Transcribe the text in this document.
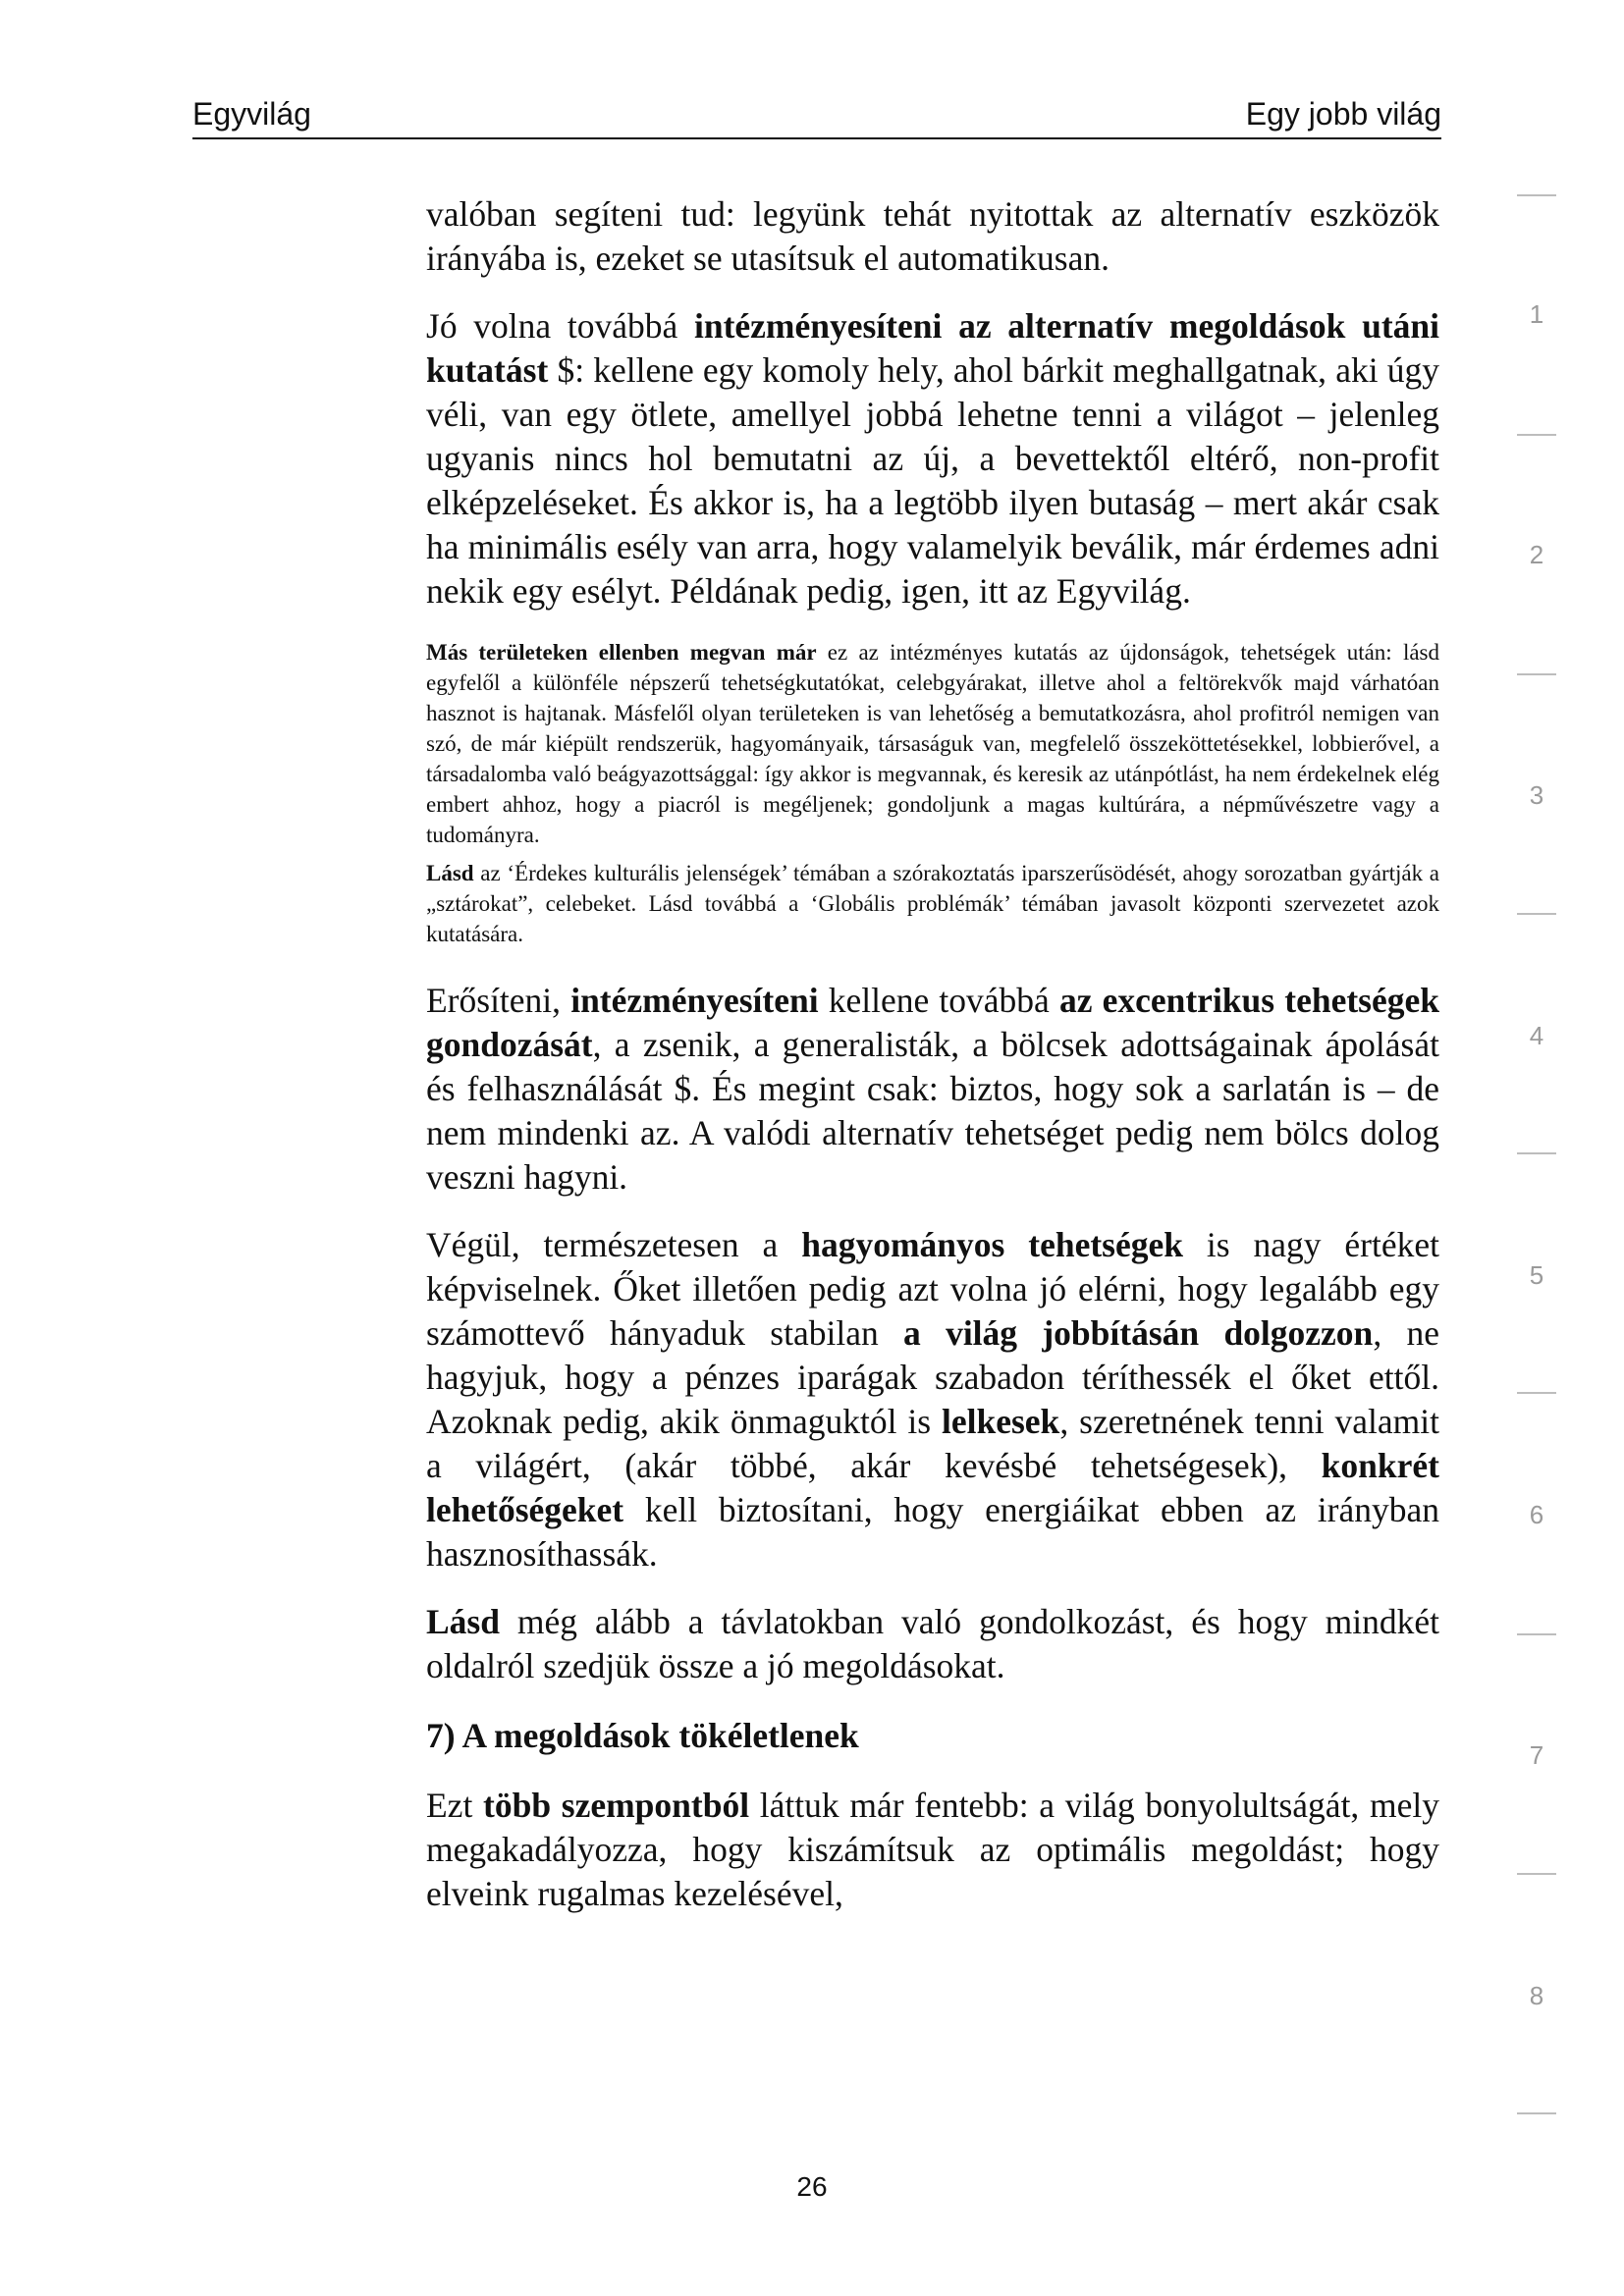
Egyvilág	Egy jobb világ

valóban segíteni tud: legyünk tehát nyitottak az alternatív eszközök irányába is, ezeket se utasítsuk el automatikusan.

Jó volna továbbá intézményesíteni az alternatív megoldások utáni kutatást $: kellene egy komoly hely, ahol bárkit meghallgatnak, aki úgy véli, van egy ötlete, amellyel jobbá lehetne tenni a világot – jelenleg ugyanis nincs hol bemutatni az új, a bevettektől eltérő, non-profit elképzeléseket. És akkor is, ha a legtöbb ilyen butaság – mert akár csak ha minimális esély van arra, hogy valamelyik beválik, már érdemes adni nekik egy esélyt. Példának pedig, igen, itt az Egyvilág.

Más területeken ellenben megvan már ez az intézményes kutatás az újdonságok, tehetségek után: lásd egyfelől a különféle népszerű tehetségkutatókat, celebgyárakat, illetve ahol a feltörekvők majd várhatóan hasznot is hajtanak. Másfelől olyan területeken is van lehetőség a bemutatkozásra, ahol profitról nemigen van szó, de már kiépült rendszerük, hagyományaik, társaságuk van, megfelelő összeköttetésekkel, lobbierővel, a társadalomba való beágyazottsággal: így akkor is megvannak, és keresik az utánpótlást, ha nem érdekelnek elég embert ahhoz, hogy a piacról is megéljenek; gondoljunk a magas kultúrára, a népművészetre vagy a tudományra.

Lásd az ‘Érdekes kulturális jelenségek’ témában a szórakoztatás iparszerűsödését, ahogy sorozatban gyártják a „sztárokat”, celebeket. Lásd továbbá a ‘Globális problémák’ témában javasolt központi szervezetet azok kutatására.

Erősíteni, intézményesíteni kellene továbbá az excentrikus tehetségek gondozását, a zsenik, a generalisták, a bölcsek adottságainak ápolását és felhasználását $. És megint csak: biztos, hogy sok a sarlatán is – de nem mindenki az. A valódi alternatív tehetséget pedig nem bölcs dolog veszni hagyni.

Végül, természetesen a hagyományos tehetségek is nagy értéket képviselnek. Őket illetően pedig azt volna jó elérni, hogy legalább egy számottevő hányaduk stabilan a világ jobbításán dolgozzon, ne hagyjuk, hogy a pénzes iparágak szabadon téríthessék el őket ettől. Azoknak pedig, akik önmaguktól is lelkesek, szeretnének tenni valamit a világért, (akár többé, akár kevésbé tehetségesek), konkrét lehetőségeket kell biztosítani, hogy energiáikat ebben az irányban hasznosíthassák.

Lásd még alább a távlatokban való gondolkozást, és hogy mindkét oldalról szedjük össze a jó megoldásokat.

7) A megoldások tökéletlenek

Ezt több szempontból láttuk már fentebb: a világ bonyolultságát, mely megakadályozza, hogy kiszámítsuk az optimális megoldást; hogy elveink rugalmas kezelésével,

26
1
2
3
4
5
6
7
8
